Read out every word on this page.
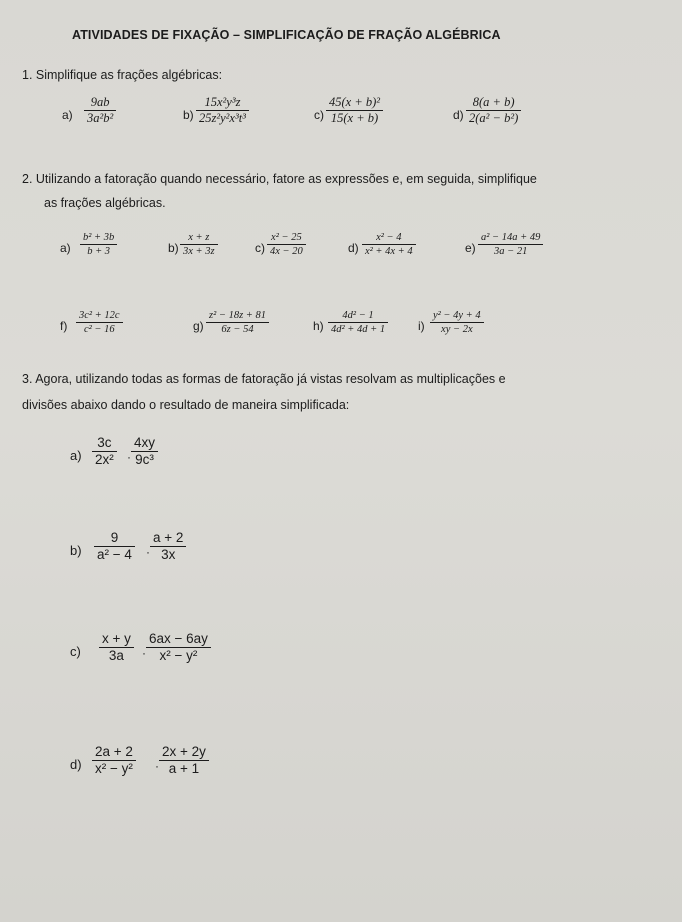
ATIVIDADES DE FIXAÇÃO – SIMPLIFICAÇÃO DE FRAÇÃO ALGÉBRICA
1. Simplifique as frações algébricas:
a)
9ab
3a²b²	b)
15x²y³z
25z²y²x³t³	c)
45(x + b)²
15(x + b)	d)
8(a + b)
2(a² − b²)
2. Utilizando a fatoração quando necessário, fatore as expressões e, em seguida, simplifique
as frações algébricas.
a)
b² + 3b
b + 3	b)
x + z
3x + 3z	c)
x² − 25
4x − 20	d)
x² − 4
x² + 4x + 4	e)
a² − 14a + 49
3a − 21
f)
3c² + 12c
c² − 16	g)
z² − 18z + 81
6z − 54	h)
4d² − 1
4d² + 4d + 1	i)
y² − 4y + 4
xy − 2x
3. Agora, utilizando todas as formas de fatoração já vistas resolvam as multiplicações e
divisões abaixo dando o resultado de maneira simplificada:
a)
3c
2x² ·
4xy
9c³
b)
9
a² − 4 ·
a + 2
3x
c)
x + y
3a ·
6ax − 6ay
x² − y²
d)
2a + 2
x² − y² ·
2x + 2y
a + 1
